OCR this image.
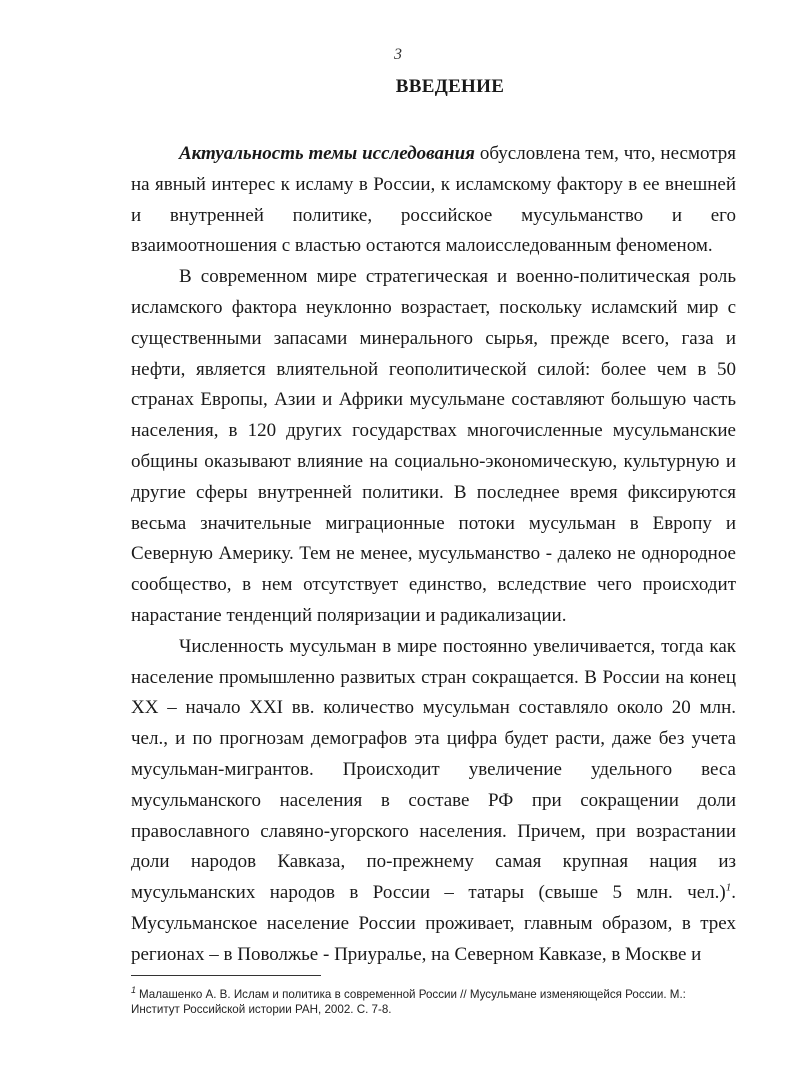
3
ВВЕДЕНИЕ

Актуальность темы исследования обусловлена тем, что, несмотря на явный интерес к исламу в России, к исламскому фактору в ее внешней и внутренней политике, российское мусульманство и его взаимоотношения с властью остаются малоисследованным феноменом.

В современном мире стратегическая и военно-политическая роль исламского фактора неуклонно возрастает, поскольку исламский мир с существенными запасами минерального сырья, прежде всего, газа и нефти, является влиятельной геополитической силой: более чем в 50 странах Европы, Азии и Африки мусульмане составляют большую часть населения, в 120 других государствах многочисленные мусульманские общины оказывают влияние на социально-экономическую, культурную и другие сферы внутренней политики. В последнее время фиксируются весьма значительные миграционные потоки мусульман в Европу и Северную Америку. Тем не менее, мусульманство - далеко не однородное сообщество, в нем отсутствует единство, вследствие чего происходит нарастание тенденций поляризации и радикализации.

Численность мусульман в мире постоянно увеличивается, тогда как население промышленно развитых стран сокращается. В России на конец XX – начало XXI вв. количество мусульман составляло около 20 млн. чел., и по прогнозам демографов эта цифра будет расти, даже без учета мусульман-мигрантов. Происходит увеличение удельного веса мусульманского населения в составе РФ при сокращении доли православного славяно-угорского населения. Причем, при возрастании доли народов Кавказа, по-прежнему самая крупная нация из мусульманских народов в России – татары (свыше 5 млн. чел.)$^1$. Мусульманское население России проживает, главным образом, в трех регионах – в Поволжье - Приуралье, на Северном Кавказе, в Москве и

$^1$ Малашенко А. В. Ислам и политика в современной России // Мусульмане изменяющейся России. М.: Институт Российской истории РАН, 2002. С. 7-8.
